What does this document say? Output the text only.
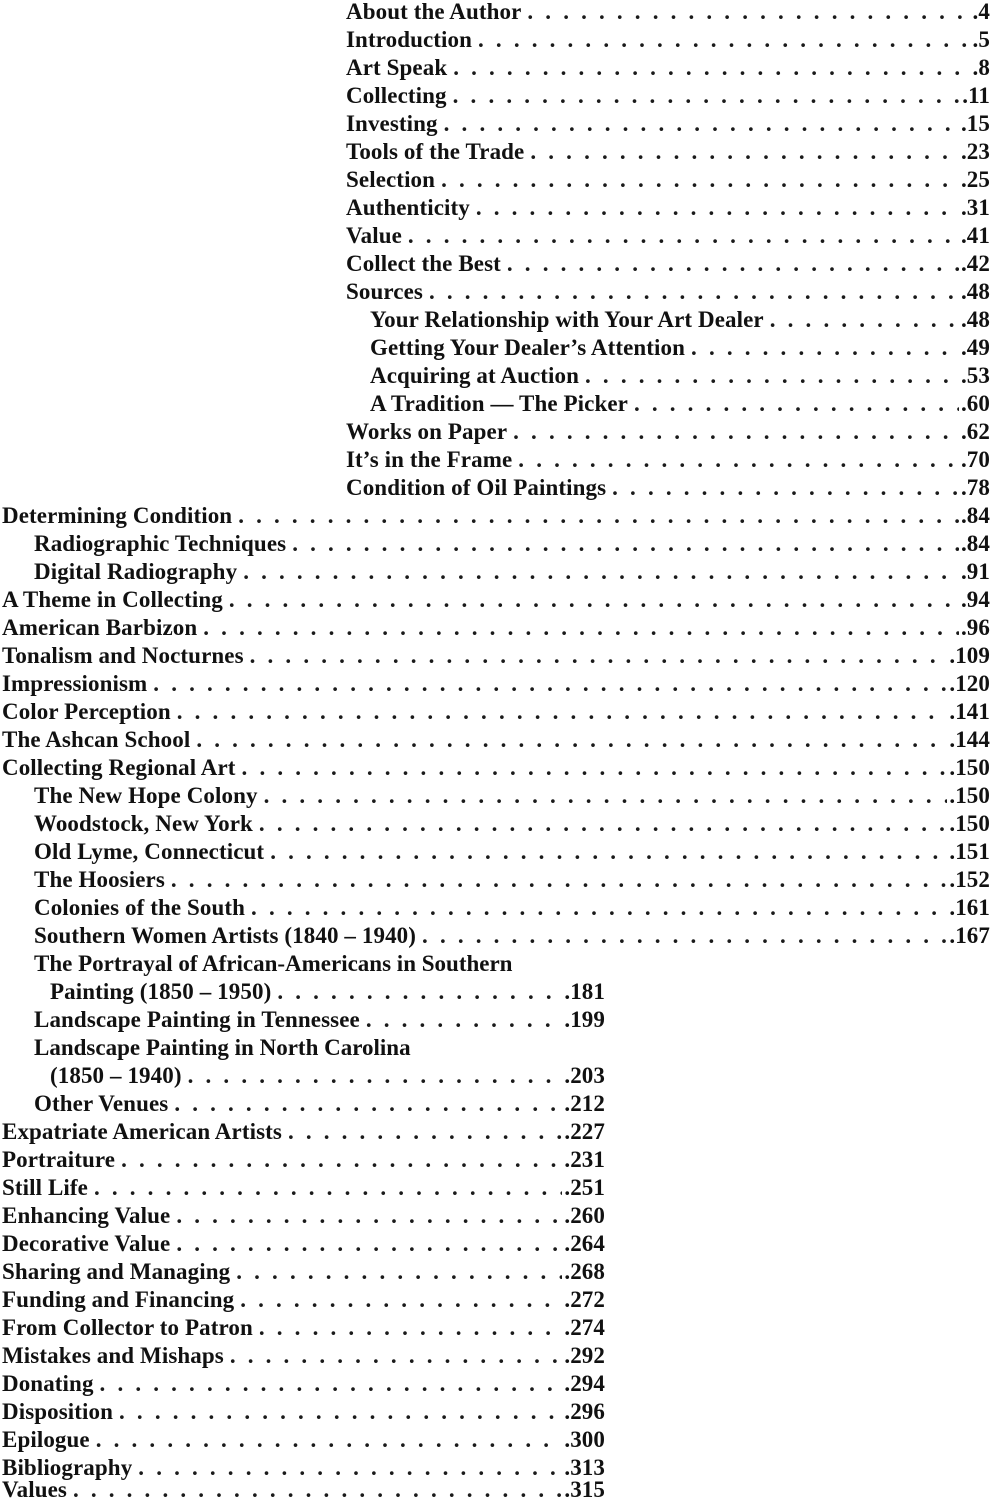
About the Author . . .	.4
Introduction . . .	.5
Art Speak . . .	.8
Collecting . . .	.11
Investing . . .	.15
Tools of the Trade . . .	.23
Selection . . .	.25
Authenticity . . .	.31
Value . . .	.41
Collect the Best . . .	.42
Sources . . .	.48
Your Relationship with Your Art Dealer . . .	.48
Getting Your Dealer’s Attention . . .	.49
Acquiring at Auction . . .	.53
A Tradition — The Picker . . .	.60
Works on Paper . . .	.62
It’s in the Frame . . .	.70
Condition of Oil Paintings . . .	.78
Determining Condition . . .	.84
Radiographic Techniques . . .	.84
Digital Radiography . . .	.91
A Theme in Collecting . . .	.94
American Barbizon . . .	.96
Tonalism and Nocturnes . . .	.109
Impressionism . . .	.120
Color Perception . . .	.141
The Ashcan School . . .	.144
Collecting Regional Art . . .	.150
The New Hope Colony . . .	.150
Woodstock, New York . . .	.150
Old Lyme, Connecticut . . .	.151
The Hoosiers . . .	.152
Colonies of the South . . .	.161
Southern Women Artists (1840 – 1940) . . .	.167
The Portrayal of African-Americans in Southern
Painting (1850 – 1950) . . .	.181
Landscape Painting in Tennessee . . .	.199
Landscape Painting in North Carolina
(1850 – 1940) . . .	.203
Other Venues . . .	.212
Expatriate American Artists . . .	.227
Portraiture . . .	.231
Still Life . . .	.251
Enhancing Value . . .	.260
Decorative Value . . .	.264
Sharing and Managing . . .	.268
Funding and Financing . . .	.272
From Collector to Patron . . .	.274
Mistakes and Mishaps . . .	.292
Donating . . .	.294
Disposition . . .	.296
Epilogue . . .	.300
Bibliography . . .	.313
Values . . .	.315
